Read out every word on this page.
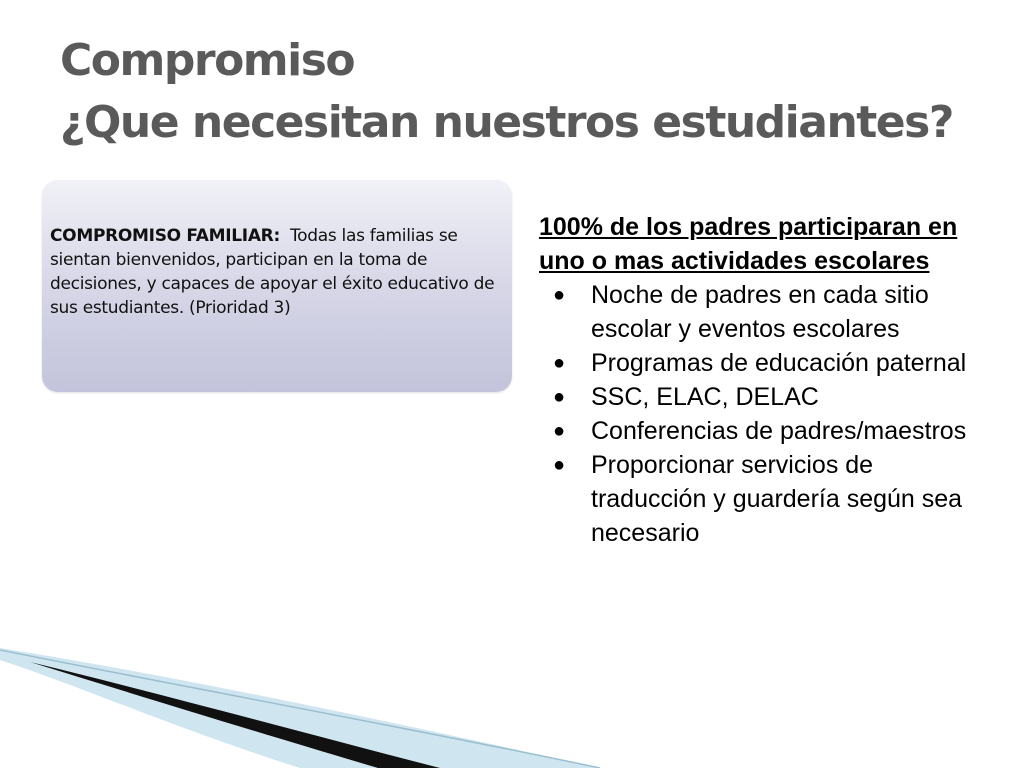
Compromiso
¿Que necesitan nuestros estudiantes?

COMPROMISO FAMILIAR: Todas las familias se sientan bienvenidos, participan en la toma de decisiones, y capaces de apoyar el éxito educativo de sus estudiantes. (Prioridad 3)

100% de los padres participaran en uno o mas actividades escolares

● Noche de padres en cada sitio escolar y eventos escolares
● Programas de educación paternal
● SSC, ELAC, DELAC
● Conferencias de padres/maestros
● Proporcionar servicios de traducción y guardería según sea necesario
